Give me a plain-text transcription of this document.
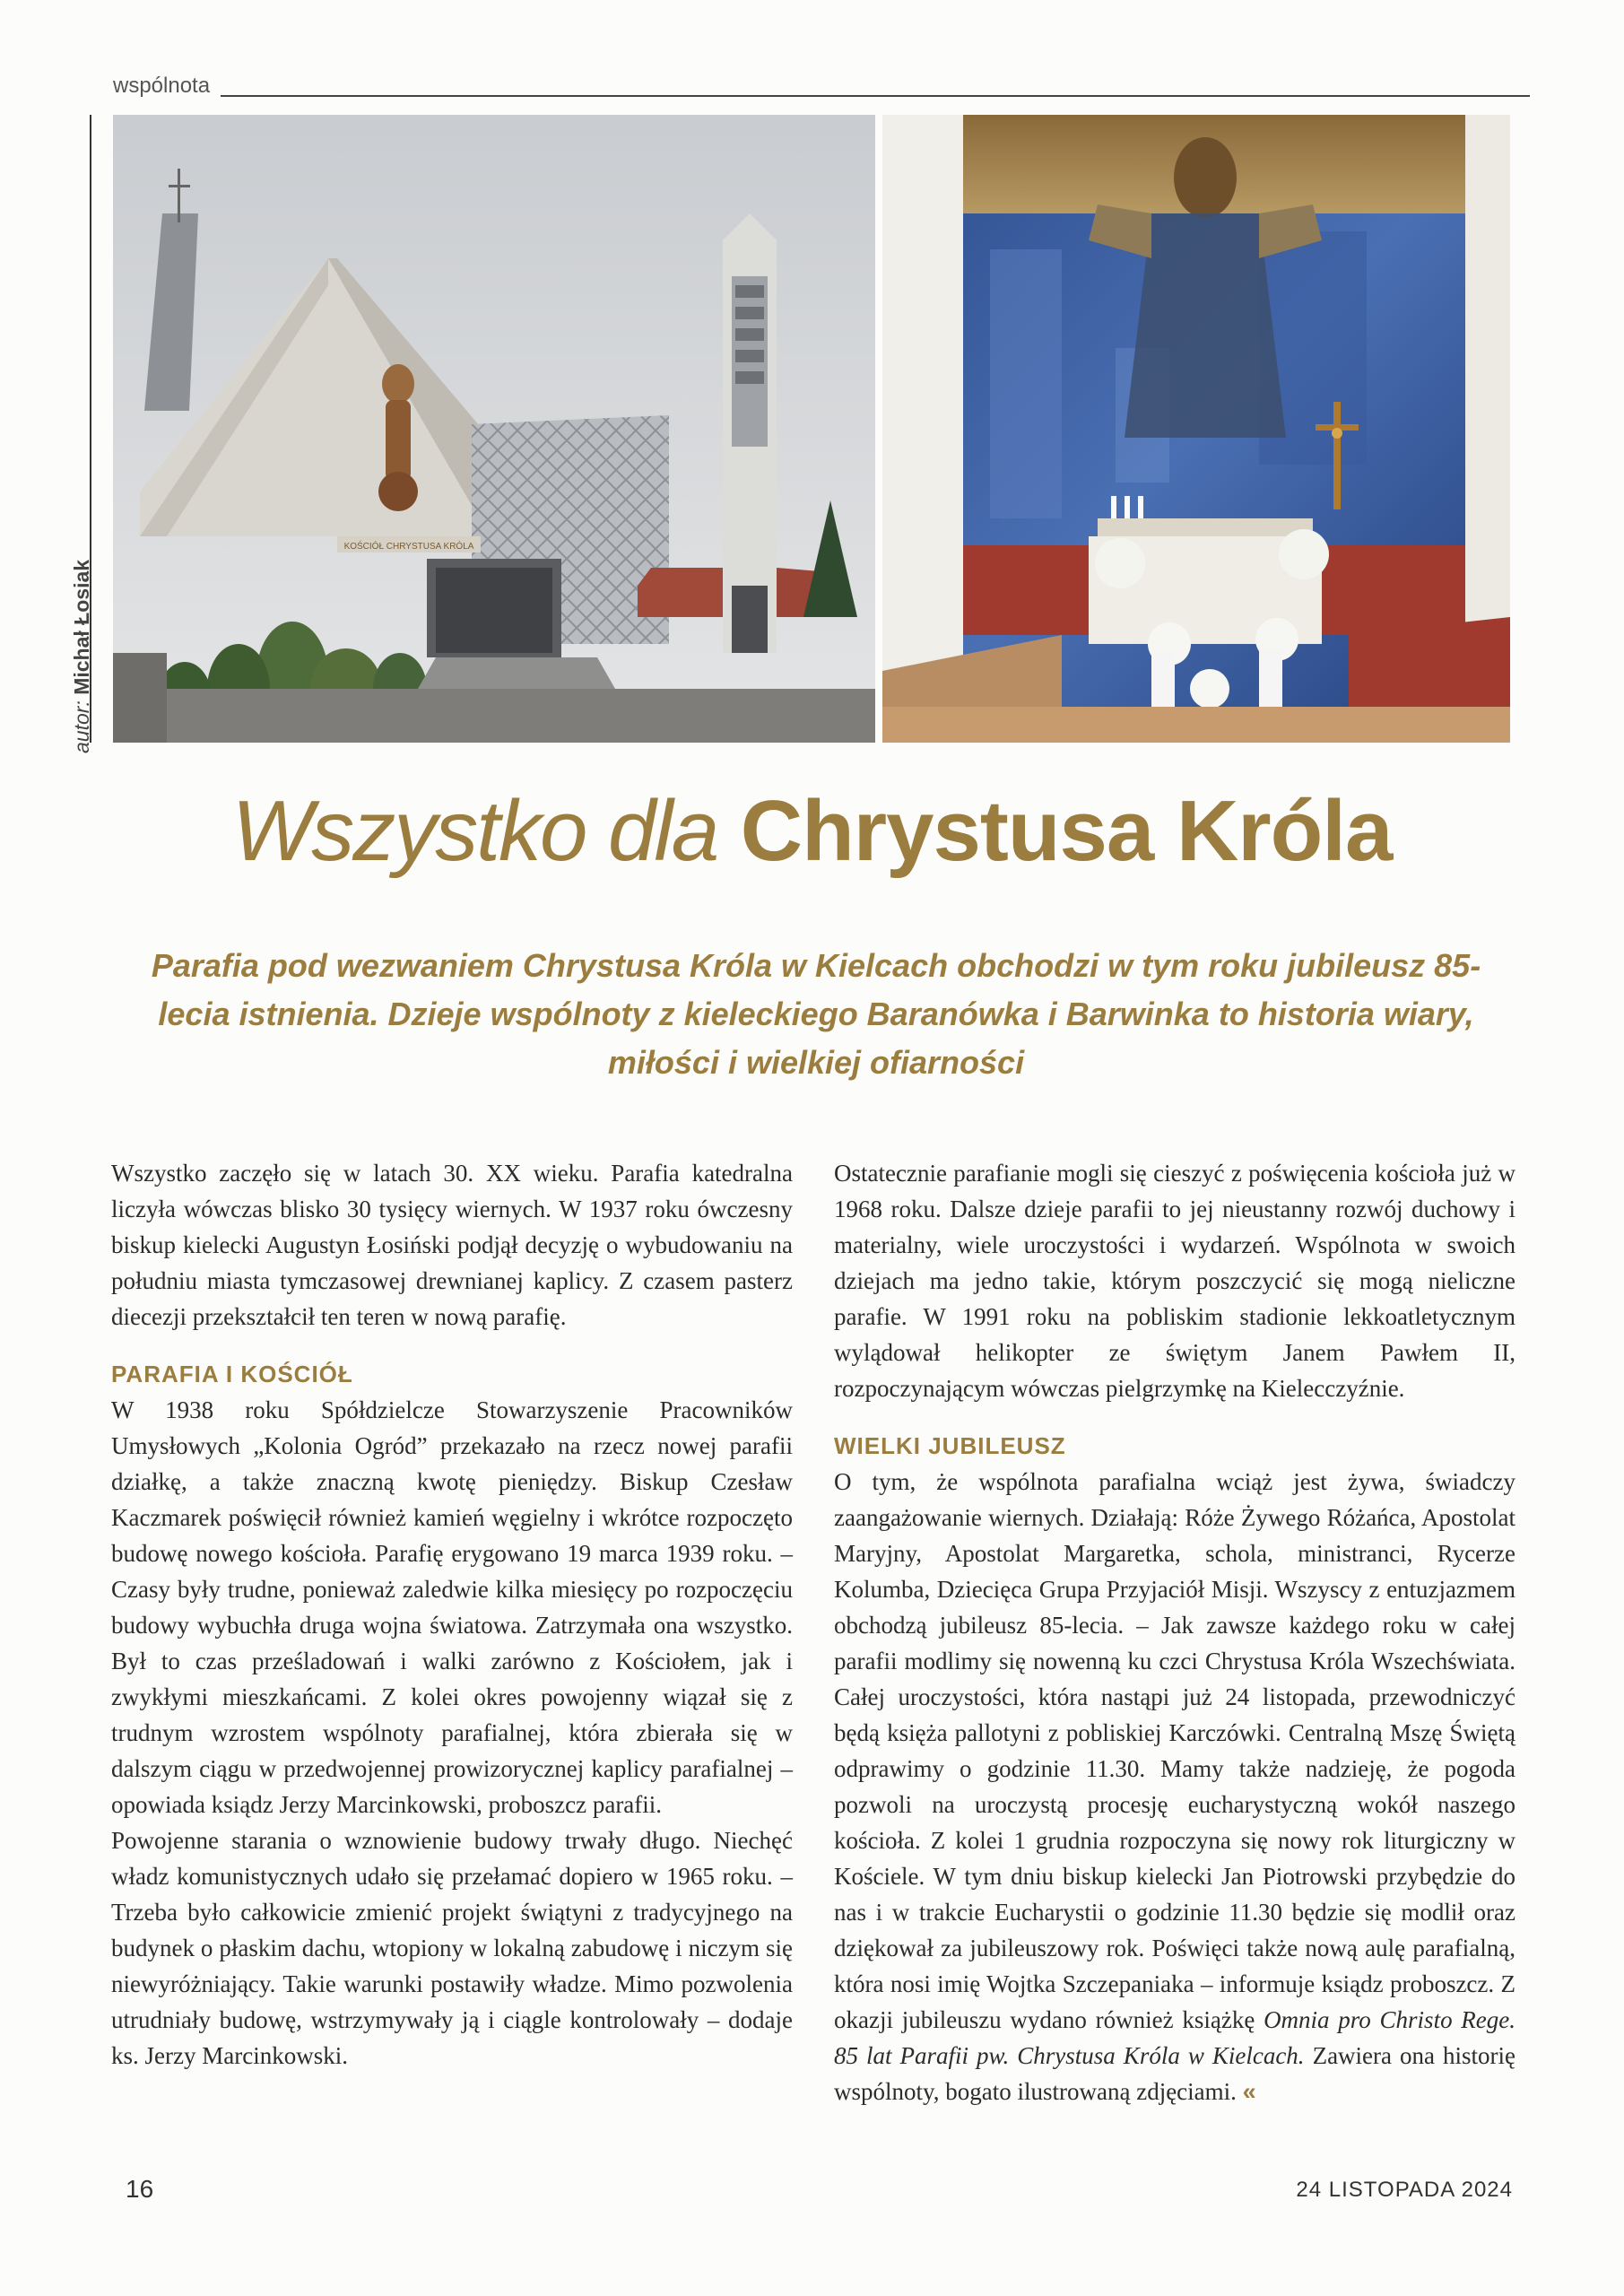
wspólnota
autor: Michał Łosiak
KOŚCIÓŁ CHRYSTUSA KRÓLA
Wszystko dla Chrystusa Króla
Parafia pod wezwaniem Chrystusa Króla w Kielcach obchodzi w tym roku jubileusz 85-lecia istnienia. Dzieje wspólnoty z kieleckiego Baranówka i Barwinka to historia wiary, miłości i wielkiej ofiarności

Wszystko zaczęło się w latach 30. XX wieku. Parafia katedralna liczyła wówczas blisko 30 tysięcy wiernych. W 1937 roku ówczesny biskup kielecki Augustyn Łosiński podjął decyzję o wybudowaniu na południu miasta tymczasowej drewnianej kaplicy. Z czasem pasterz diecezji przekształcił ten teren w nową parafię.

PARAFIA I KOŚCIÓŁ

W 1938 roku Spółdzielcze Stowarzyszenie Pracowników Umysłowych „Kolonia Ogród” przekazało na rzecz nowej parafii działkę, a także znaczną kwotę pieniędzy. Biskup Czesław Kaczmarek poświęcił również kamień węgielny i wkrótce rozpoczęto budowę nowego kościoła. Parafię erygowano 19 marca 1939 roku. – Czasy były trudne, ponieważ zaledwie kilka miesięcy po rozpoczęciu budowy wybuchła druga wojna światowa. Zatrzymała ona wszystko. Był to czas prześladowań i walki zarówno z Kościołem, jak i zwykłymi mieszkańcami. Z kolei okres powojenny wiązał się z trudnym wzrostem wspólnoty parafialnej, która zbierała się w dalszym ciągu w przedwojennej prowizorycznej kaplicy parafialnej – opowiada ksiądz Jerzy Marcinkowski, proboszcz parafii.

Powojenne starania o wznowienie budowy trwały długo. Niechęć władz komunistycznych udało się przełamać dopiero w 1965 roku. – Trzeba było całkowicie zmienić projekt świątyni z tradycyjnego na budynek o płaskim dachu, wtopiony w lokalną zabudowę i niczym się niewyróżniający. Takie warunki postawiły władze. Mimo pozwolenia utrudniały budowę, wstrzymywały ją i ciągle kontrolowały – dodaje ks. Jerzy Marcinkowski.

Ostatecznie parafianie mogli się cieszyć z poświęcenia kościoła już w 1968 roku. Dalsze dzieje parafii to jej nieustanny rozwój duchowy i materialny, wiele uroczystości i wydarzeń. Wspólnota w swoich dziejach ma jedno takie, którym poszczycić się mogą nieliczne parafie. W 1991 roku na pobliskim stadionie lekkoatletycznym wylądował helikopter ze świętym Janem Pawłem II, rozpoczynającym wówczas pielgrzymkę na Kielecczyźnie.

WIELKI JUBILEUSZ

O tym, że wspólnota parafialna wciąż jest żywa, świadczy zaangażowanie wiernych. Działają: Róże Żywego Różańca, Apostolat Maryjny, Apostolat Margaretka, schola, ministranci, Rycerze Kolumba, Dziecięca Grupa Przyjaciół Misji. Wszyscy z entuzjazmem obchodzą jubileusz 85-lecia. – Jak zawsze każdego roku w całej parafii modlimy się nowenną ku czci Chrystusa Króla Wszechświata. Całej uroczystości, która nastąpi już 24 listopada, przewodniczyć będą księża pallotyni z pobliskiej Karczówki. Centralną Mszę Świętą odprawimy o godzinie 11.30. Mamy także nadzieję, że pogoda pozwoli na uroczystą procesję eucharystyczną wokół naszego kościoła. Z kolei 1 grudnia rozpoczyna się nowy rok liturgiczny w Kościele. W tym dniu biskup kielecki Jan Piotrowski przybędzie do nas i w trakcie Eucharystii o godzinie 11.30 będzie się modlił oraz dziękował za jubileuszowy rok. Poświęci także nową aulę parafialną, która nosi imię Wojtka Szczepaniaka – informuje ksiądz proboszcz. Z okazji jubileuszu wydano również książkę Omnia pro Christo Rege. 85 lat Parafii pw. Chrystusa Króla w Kielcach. Zawiera ona historię wspólnoty, bogato ilustrowaną zdjęciami. «

16	24 LISTOPADA 2024
